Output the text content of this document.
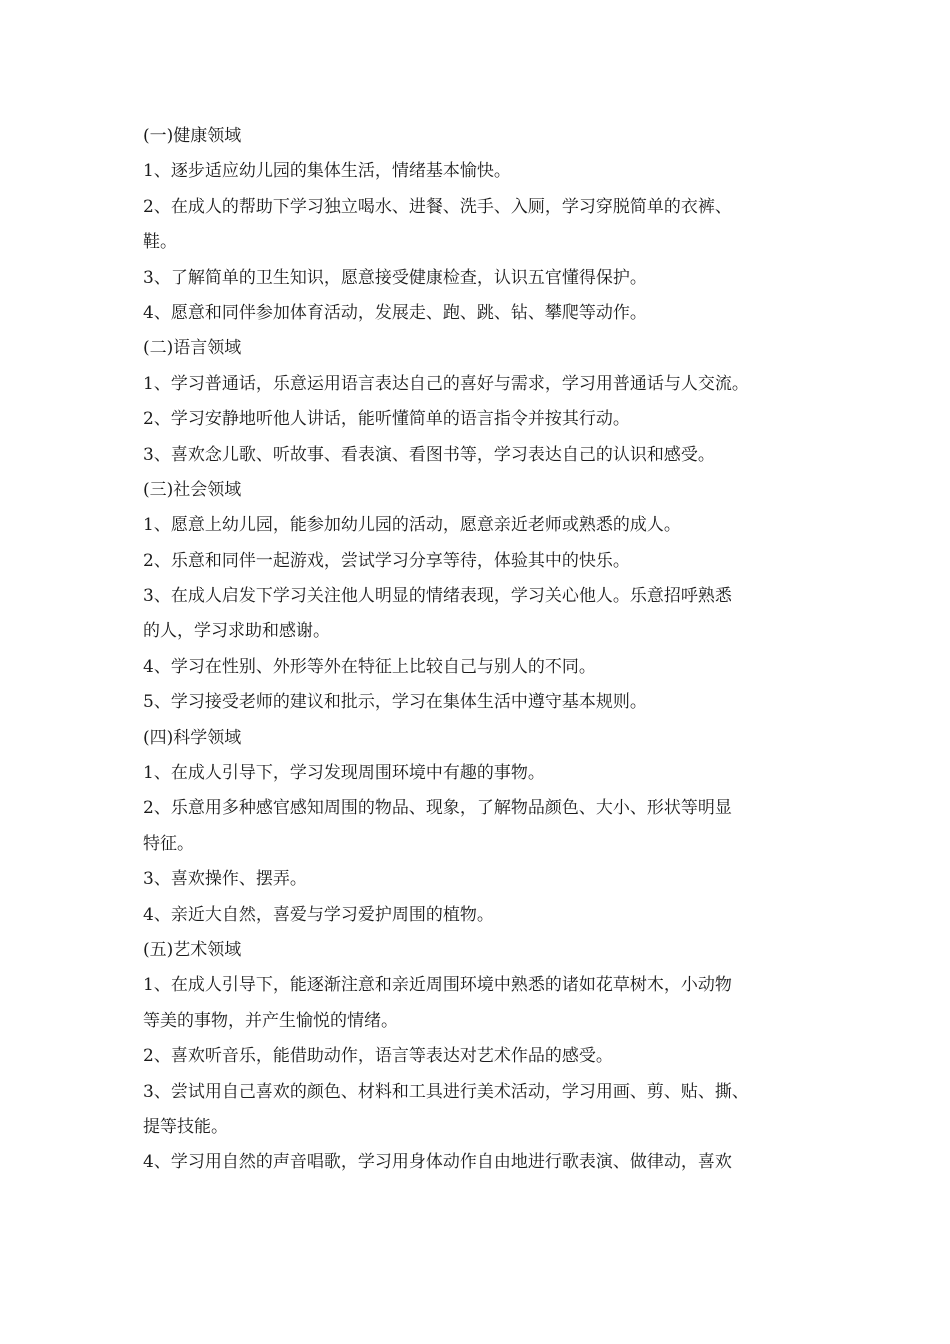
(一)健康领域
1、逐步适应幼儿园的集体生活，情绪基本愉快。
2、在成人的帮助下学习独立喝水、进餐、洗手、入厕，学习穿脱简单的衣裤、
鞋。
3、了解简单的卫生知识，愿意接受健康检查，认识五官懂得保护。
4、愿意和同伴参加体育活动，发展走、跑、跳、钻、攀爬等动作。
(二)语言领域
1、学习普通话，乐意运用语言表达自己的喜好与需求，学习用普通话与人交流。
2、学习安静地听他人讲话，能听懂简单的语言指令并按其行动。
3、喜欢念儿歌、听故事、看表演、看图书等，学习表达自己的认识和感受。
(三)社会领域
1、愿意上幼儿园，能参加幼儿园的活动，愿意亲近老师或熟悉的成人。
2、乐意和同伴一起游戏，尝试学习分享等待，体验其中的快乐。
3、在成人启发下学习关注他人明显的情绪表现，学习关心他人。乐意招呼熟悉
的人，学习求助和感谢。
4、学习在性别、外形等外在特征上比较自己与别人的不同。
5、学习接受老师的建议和批示，学习在集体生活中遵守基本规则。
(四)科学领域
1、在成人引导下，学习发现周围环境中有趣的事物。
2、乐意用多种感官感知周围的物品、现象，了解物品颜色、大小、形状等明显
特征。
3、喜欢操作、摆弄。
4、亲近大自然，喜爱与学习爱护周围的植物。
(五)艺术领域
1、在成人引导下，能逐渐注意和亲近周围环境中熟悉的诸如花草树木，小动物
等美的事物，并产生愉悦的情绪。
2、喜欢听音乐，能借助动作，语言等表达对艺术作品的感受。
3、尝试用自己喜欢的颜色、材料和工具进行美术活动，学习用画、剪、贴、撕、
提等技能。
4、学习用自然的声音唱歌，学习用身体动作自由地进行歌表演、做律动，喜欢
